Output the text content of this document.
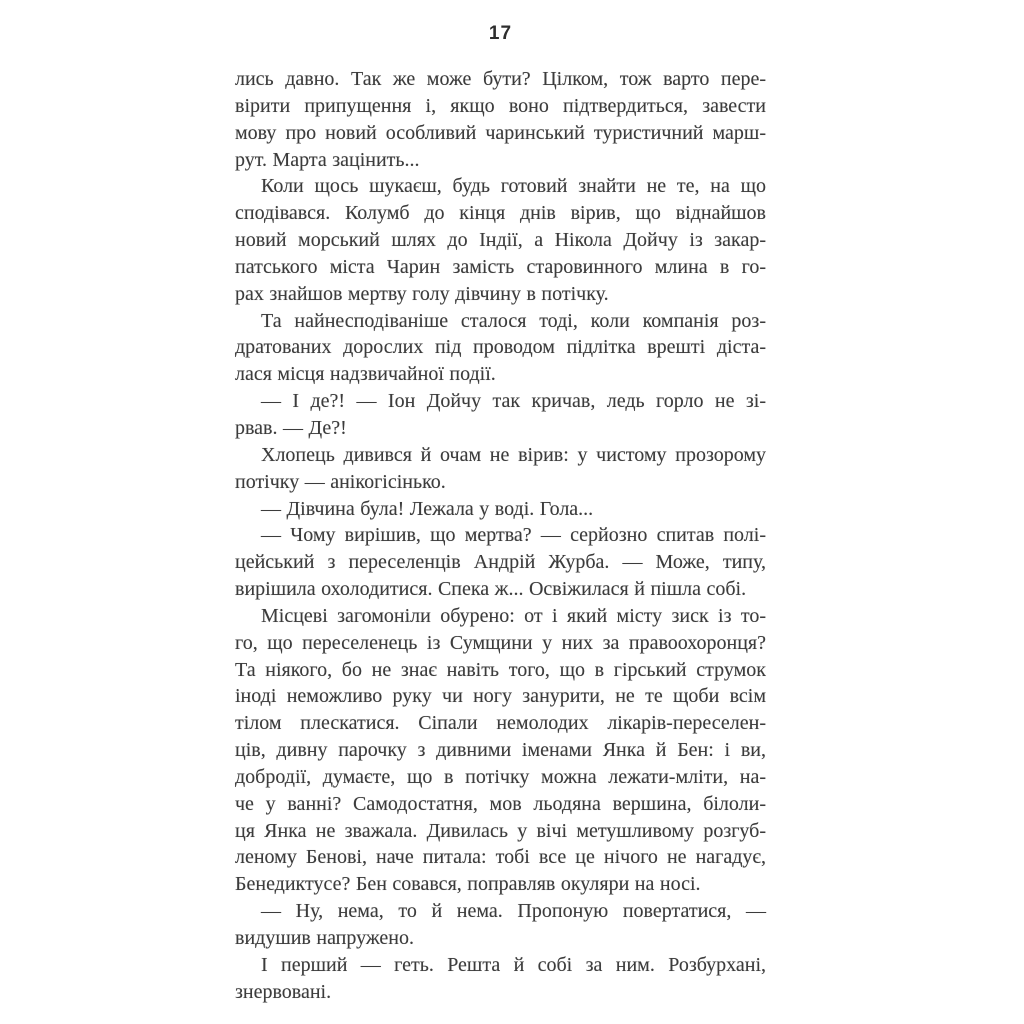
17
лись давно. Так же може бути? Цілком, тож варто пере-
вірити припущення і, якщо воно підтвердиться, завести
мову про новий особливий чаринський туристичний марш-
рут. Марта зацінить...
Коли щось шукаєш, будь готовий знайти не те, на що
сподівався. Колумб до кінця днів вірив, що віднайшов
новий морський шлях до Індії, а Нікола Дойчу із закар-
патського міста Чарин замість старовинного млина в го-
рах знайшов мертву голу дівчину в потічку.
Та найнесподіваніше сталося тоді, коли компанія роз-
дратованих дорослих під проводом підлітка врешті діста-
лася місця надзвичайної події.
— І де?! — Іон Дойчу так кричав, ледь горло не зі-
рвав. — Де?!
Хлопець дивився й очам не вірив: у чистому прозорому
потічку — анікогісінько.
— Дівчина була! Лежала у воді. Гола...
— Чому вирішив, що мертва? — серйозно спитав полі-
цейський з переселенців Андрій Журба. — Може, типу,
вирішила охолодитися. Спека ж... Освіжилася й пішла собі.
Місцеві загомоніли обурено: от і який місту зиск із то-
го, що переселенець із Сумщини у них за правоохоронця?
Та ніякого, бо не знає навіть того, що в гірський струмок
іноді неможливо руку чи ногу занурити, не те щоби всім
тілом плескатися. Сіпали немолодих лікарів-переселен-
ців, дивну парочку з дивними іменами Янка й Бен: і ви,
добродії, думаєте, що в потічку можна лежати-мліти, на-
че у ванні? Самодостатня, мов льодяна вершина, білоли-
ця Янка не зважала. Дивилась у вічі метушливому розгуб-
леному Бенові, наче питала: тобі все це нічого не нагадує,
Бенедиктусе? Бен совався, поправляв окуляри на носі.
— Ну, нема, то й нема. Пропоную повертатися, —
видушив напружено.
І перший — геть. Решта й собі за ним. Розбурхані,
знервовані.
